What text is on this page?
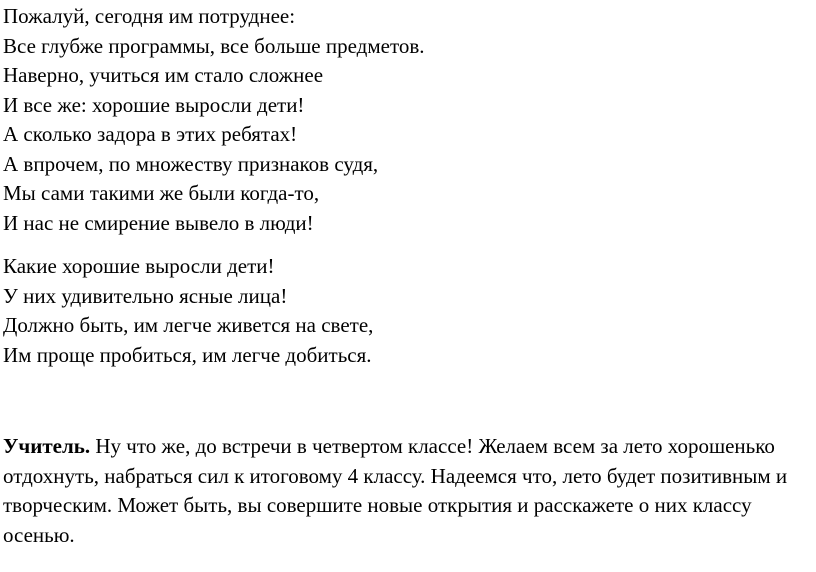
Пожалуй, сегодня им потруднее:
Все глубже программы, все больше предметов.
Наверно, учиться им стало сложнее
И все же: хорошие выросли дети!
А сколько задора в этих ребятах!
А впрочем, по множеству признаков судя,
Мы сами такими же были когда-то,
И нас не смирение вывело в люди!
Какие хорошие выросли дети!
У них удивительно ясные лица!
Должно быть, им легче живется на свете,
Им проще пробиться, им легче добиться.

Учитель. Ну что же, до встречи в четвертом классе! Желаем всем за лето хорошенько отдохнуть, набраться сил к итоговому 4 классу. Надеемся что, лето будет позитивным и творческим. Может быть, вы совершите новые открытия и расскажете о них классу осенью.
